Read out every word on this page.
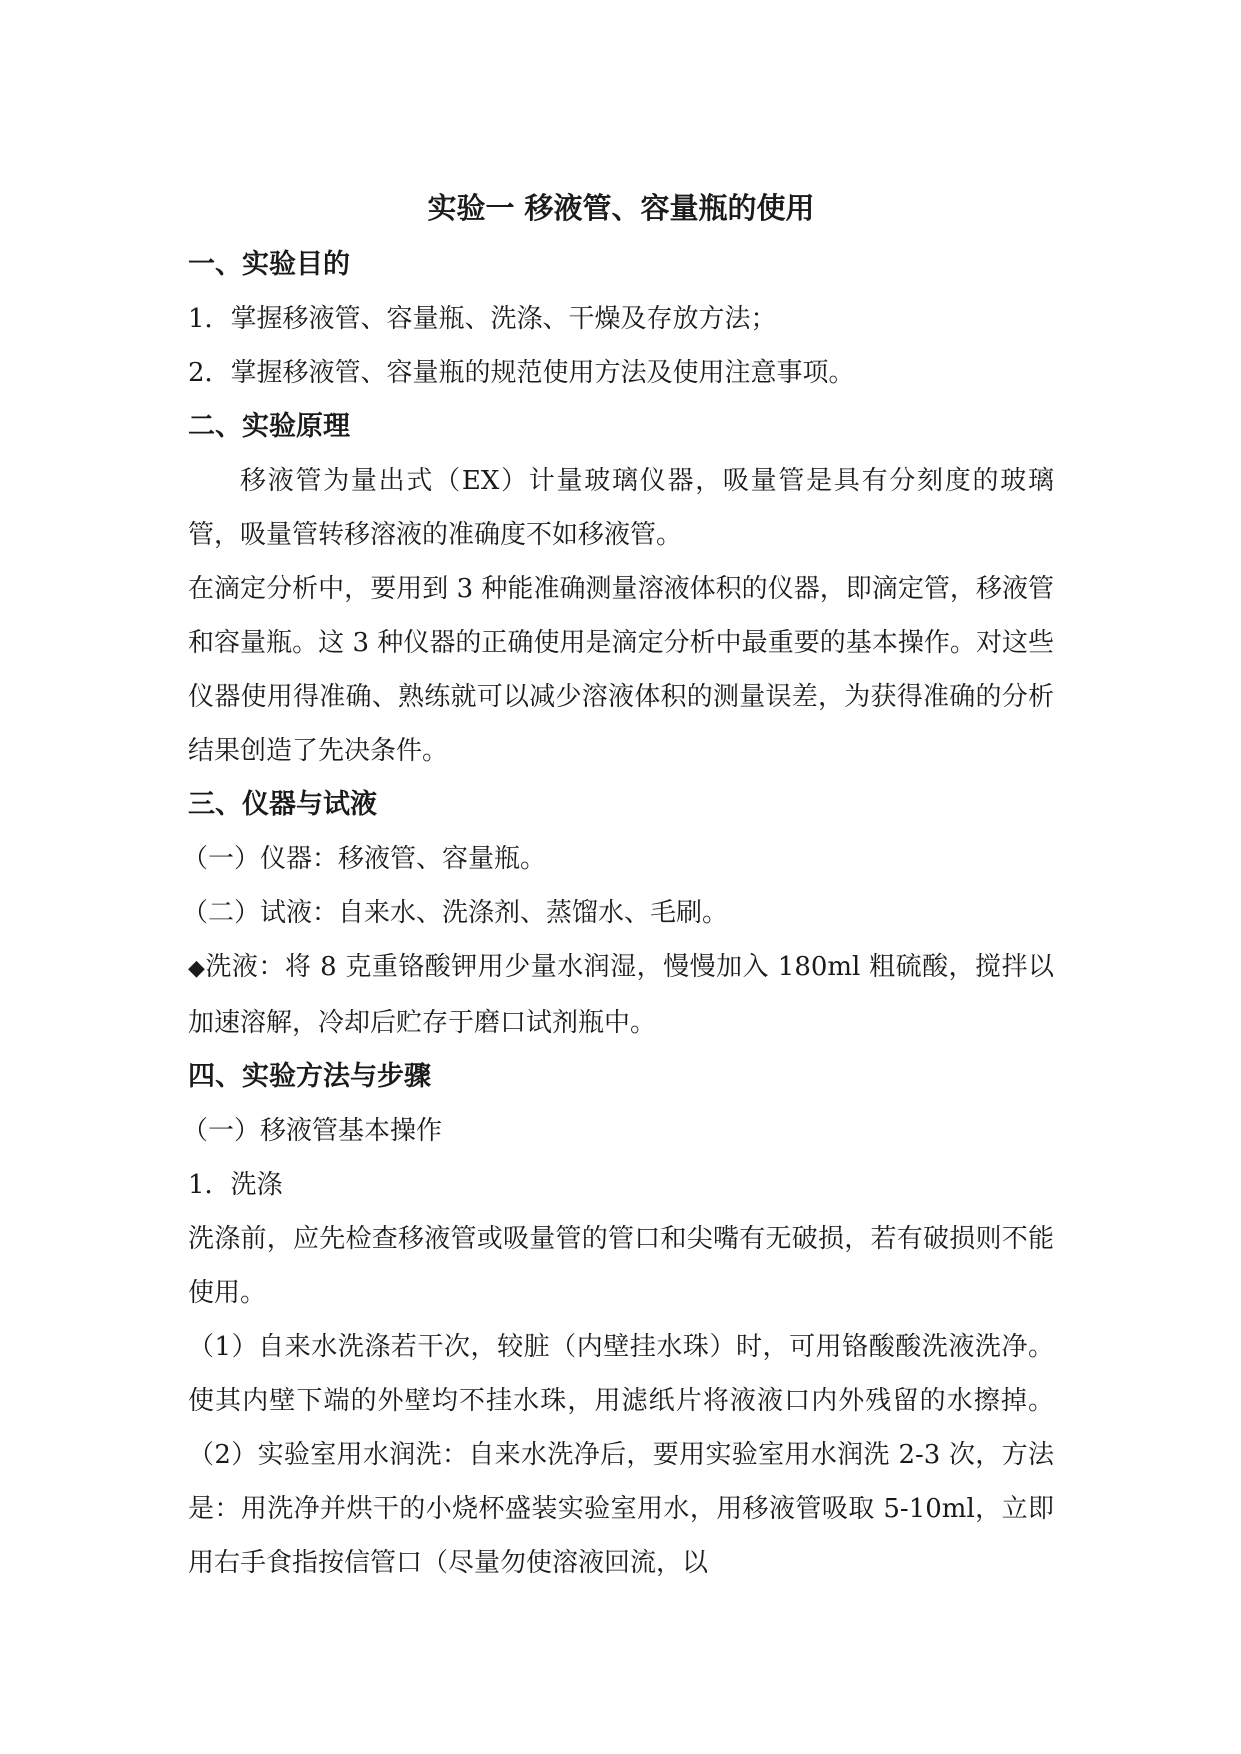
实验一 移液管、容量瓶的使用
一、实验目的
1．掌握移液管、容量瓶、洗涤、干燥及存放方法；
2．掌握移液管、容量瓶的规范使用方法及使用注意事项。
二、实验原理

移液管为量出式（EX）计量玻璃仪器，吸量管是具有分刻度的玻璃管，吸量管转移溶液的准确度不如移液管。

在滴定分析中，要用到 3 种能准确测量溶液体积的仪器，即滴定管，移液管和容量瓶。这 3 种仪器的正确使用是滴定分析中最重要的基本操作。对这些仪器使用得准确、熟练就可以减少溶液体积的测量误差，为获得准确的分析结果创造了先决条件。

三、仪器与试液
（一）仪器：移液管、容量瓶。
（二）试液：自来水、洗涤剂、蒸馏水、毛刷。

◆洗液：将 8 克重铬酸钾用少量水润湿，慢慢加入 180ml 粗硫酸，搅拌以加速溶解，冷却后贮存于磨口试剂瓶中。

四、实验方法与步骤
（一）移液管基本操作
1．洗涤

洗涤前，应先检查移液管或吸量管的管口和尖嘴有无破损，若有破损则不能使用。

（1）自来水洗涤若干次，较脏（内壁挂水珠）时，可用铬酸酸洗液洗净。使其内壁下端的外壁均不挂水珠，用滤纸片将液液口内外残留的水擦掉。 （2）实验室用水润洗：自来水洗净后，要用实验室用水润洗 2-3 次，方法是：用洗净并烘干的小烧杯盛装实验室用水，用移液管吸取 5-10ml，立即用右手食指按信管口（尽量勿使溶液回流，以
